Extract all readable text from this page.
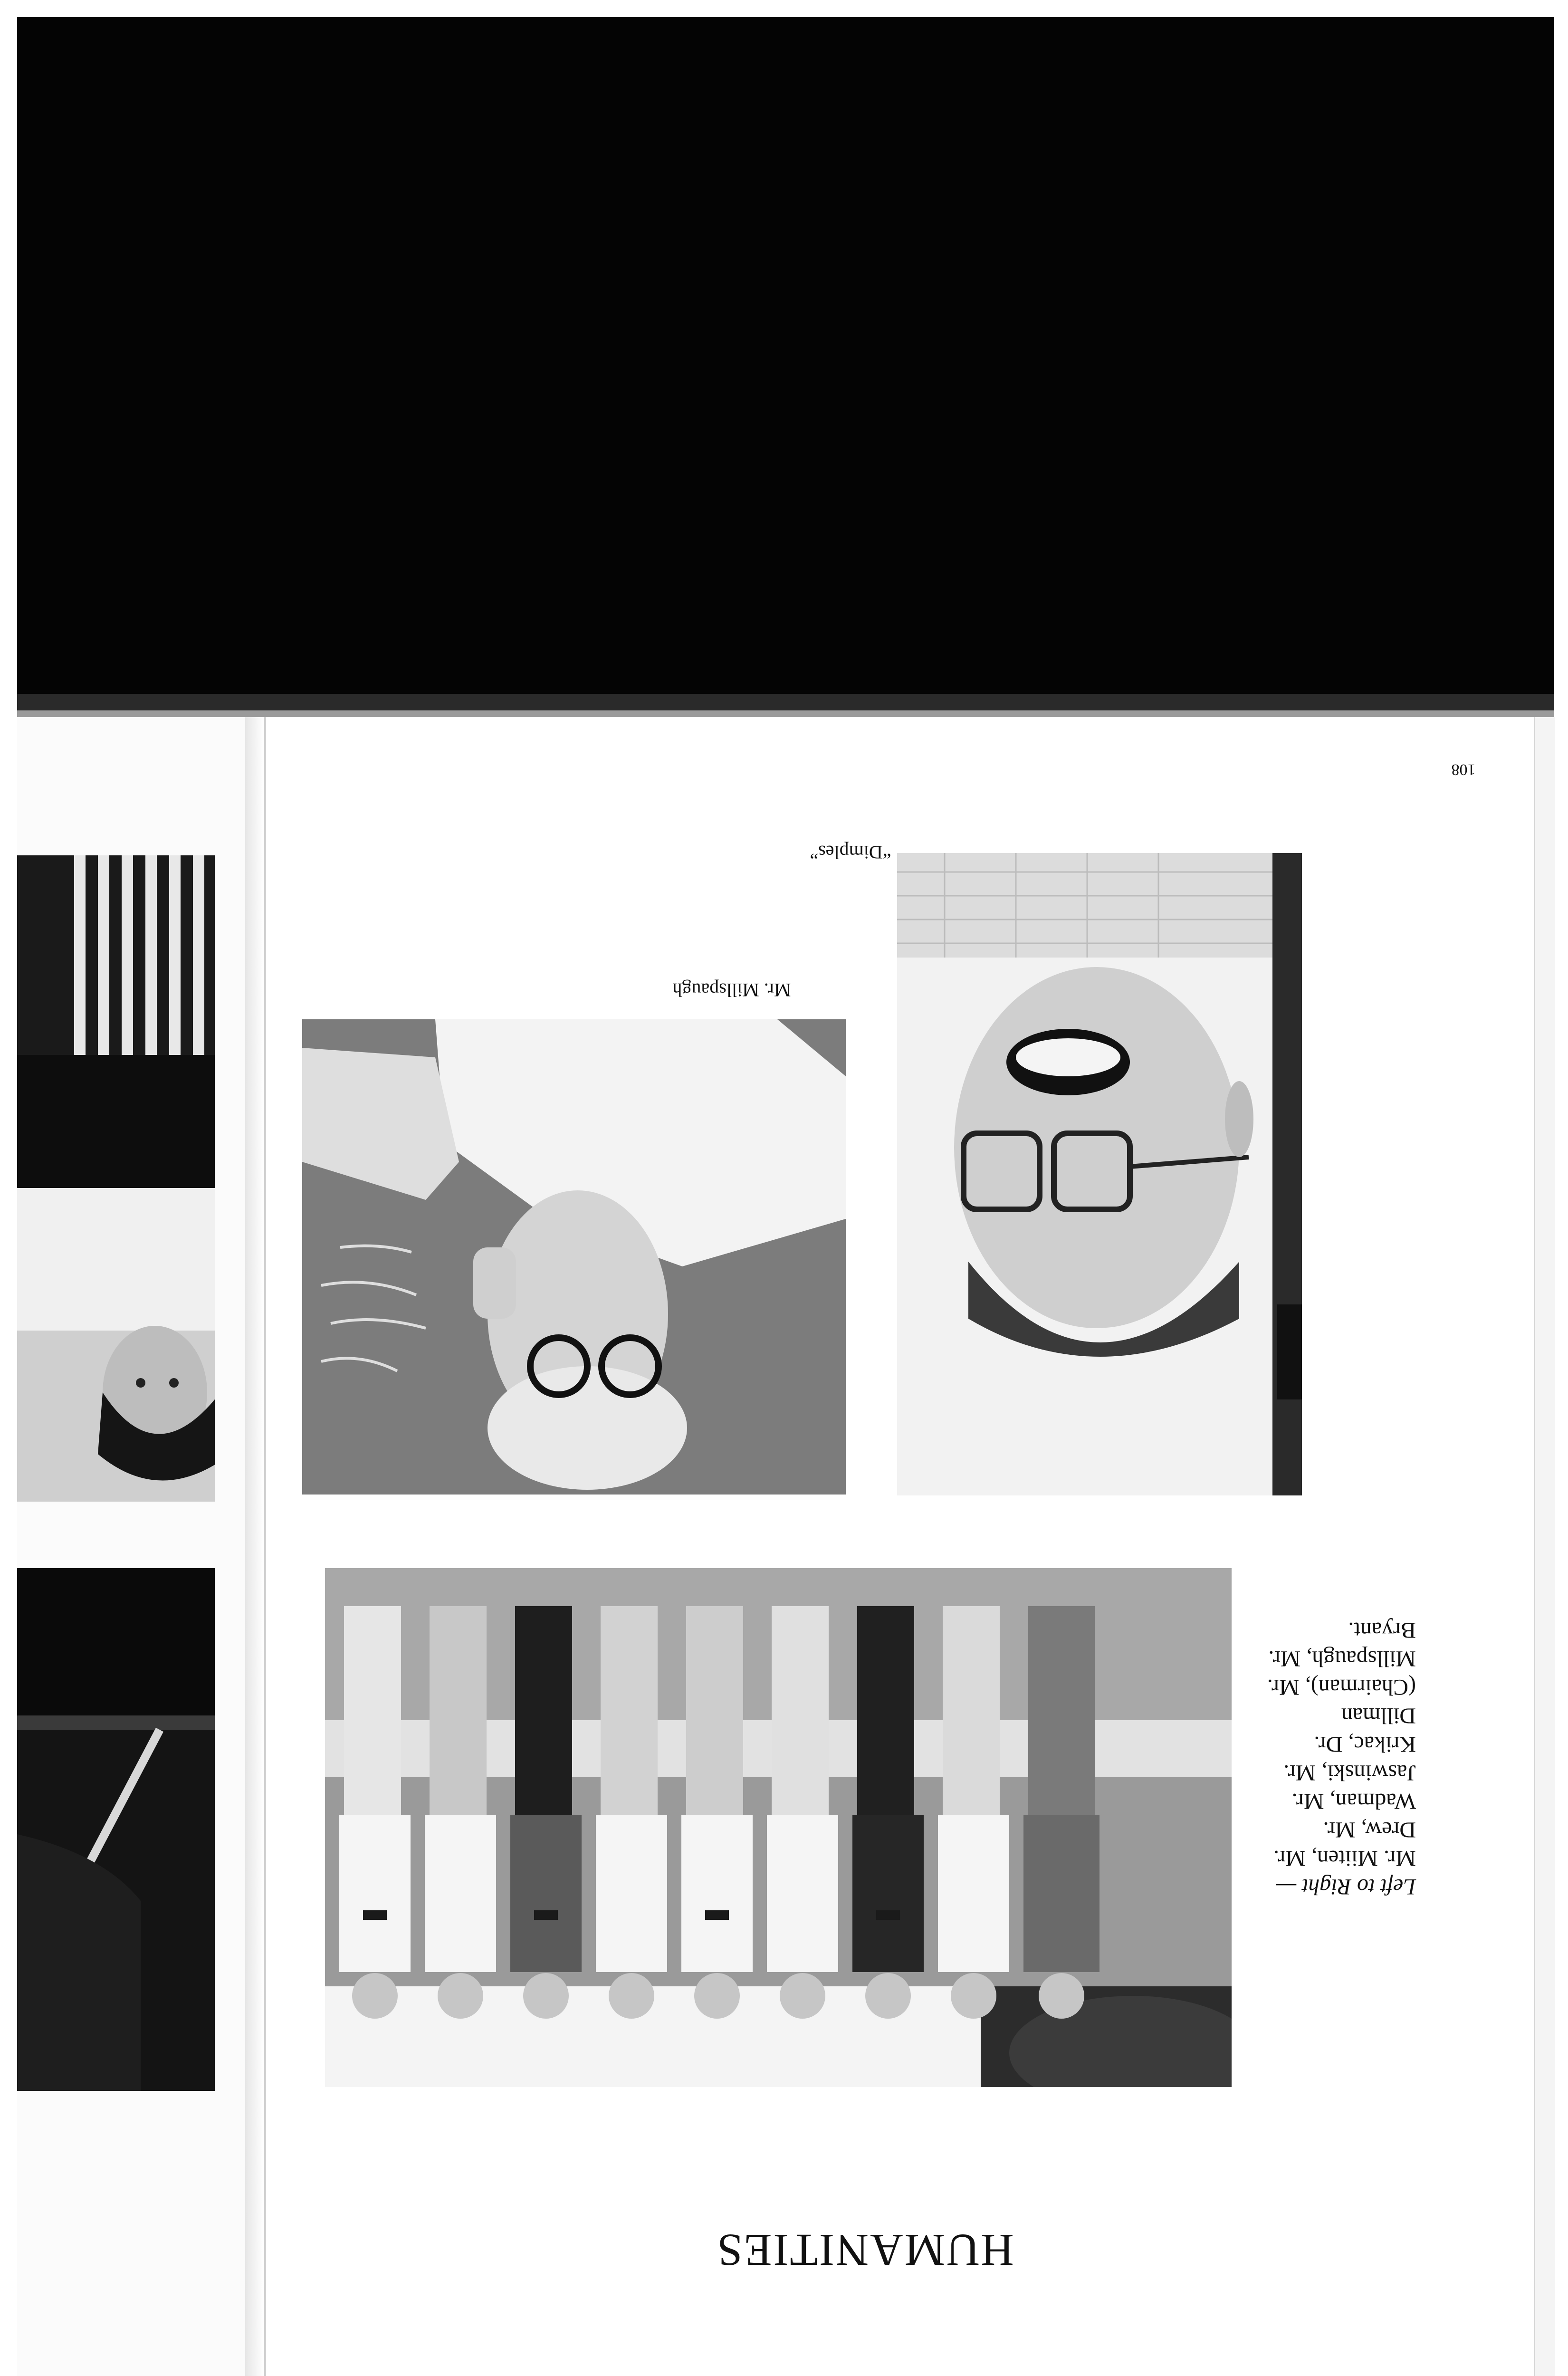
108
“Dimples”
Mr. Millspaugh
Left to Right — Mr. Miiten, Mr. Drew, Mr. Wadman, Mr. Jaswinski, Mr. Krikac, Dr. Dillman (Chairman), Mr. Millspaugh, Mr. Bryant.
HUMANITIES
